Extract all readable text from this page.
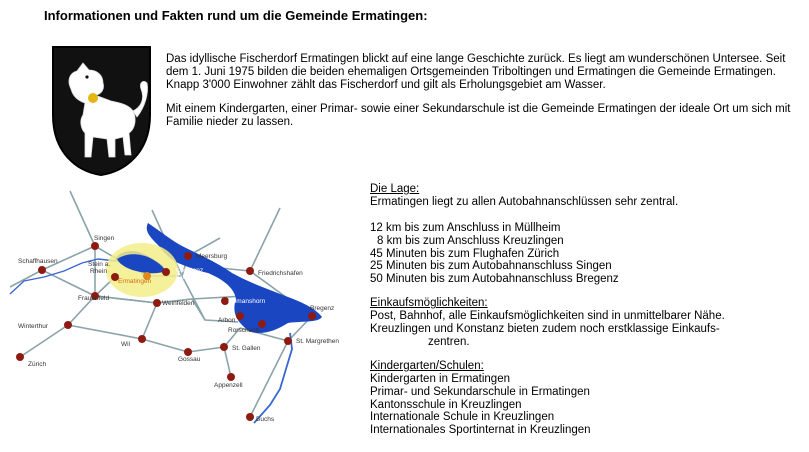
Informationen und Fakten rund um die Gemeinde Ermatingen:

Das idyllische Fischerdorf Ermatingen blickt auf eine lange Geschichte zurück. Es liegt am wunderschönen Untersee. Seit dem 1. Juni 1975 bilden die beiden ehemaligen Ortsgemeinden Triboltingen und Ermatingen die Gemeinde Ermatingen. Knapp 3'000 Einwohner zählt das Fischerdorf und gilt als Erholungsgebiet am Wasser.

Mit einem Kindergarten, einer Primar- sowie einer Sekundarschule ist die Gemeinde Ermatingen der ideale Ort um sich mit Familie nieder zu lassen.

Singen
Meersburg
Schaffhausen	Stein a.
Rhein
Ermatingen
Konstanz
Kreuzlingen
Friedrichshafen
Frauenfeld
Weinfelden	Romanshorn
Bregenz
Winterthur
Arbon
Rorschach
St. Margrethen
Wil
St. Gallen
Gossau
Zürich
Appenzell
Buchs
Die Lage:
Ermatingen liegt zu allen Autobahnanschlüssen sehr zentral.
12 km bis zum Anschluss in Müllheim
8 km bis zum Anschluss Kreuzlingen
45 Minuten bis zum Flughafen Zürich
25 Minuten bis zum Autobahnanschluss Singen
50 Minuten bis zum Autobahnanschluss Bregenz
Einkaufsmöglichkeiten:
Post, Bahnhof, alle Einkaufsmöglichkeiten sind in unmittelbarer Nähe.
Kreuzlingen und Konstanz bieten zudem noch erstklassige Einkaufs-
zentren.
Kindergarten/Schulen:
Kindergarten in Ermatingen
Primar- und Sekundarschule in Ermatingen
Kantonsschule in Kreuzlingen
Internationale Schule in Kreuzlingen
Internationales Sportinternat in Kreuzlingen
